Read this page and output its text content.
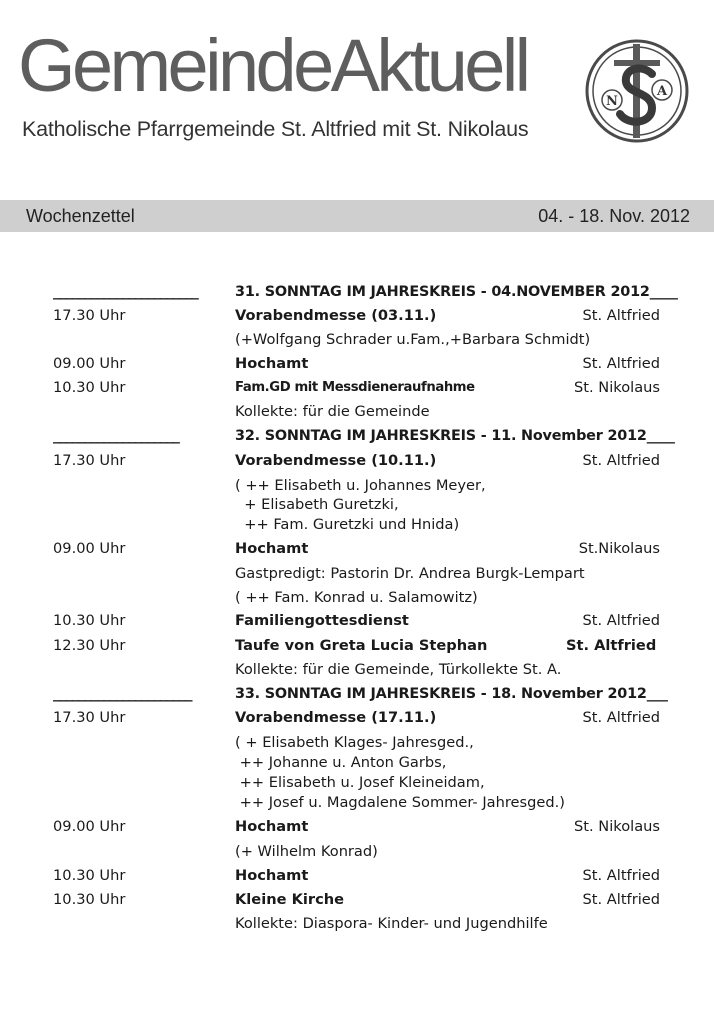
GemeindeAktuell
Katholische Pfarrgemeinde St. Altfried mit St. Nikolaus
A
N
Wochenzettel	04. - 18. Nov. 2012
_______________________	31. SONNTAG IM JAHRESKREIS - 04.NOVEMBER 2012____
17.30 Uhr	Vorabendmesse (03.11.)	St. Altfried
(+Wolfgang Schrader u.Fam.,+Barbara Schmidt)
09.00 Uhr	Hochamt	St. Altfried
10.30 Uhr	Fam.GD mit Messdieneraufnahme	St. Nikolaus
Kollekte: für die Gemeinde
____________________	32. SONNTAG IM JAHRESKREIS - 11. November 2012____
17.30 Uhr	Vorabendmesse (10.11.)	St. Altfried
( ++ Elisabeth u. Johannes Meyer,
+ Elisabeth Guretzki,
++ Fam. Guretzki und Hnida)
09.00 Uhr	Hochamt	St.Nikolaus
Gastpredigt: Pastorin Dr. Andrea Burgk-Lempart
( ++ Fam. Konrad u. Salamowitz)
10.30 Uhr	Familiengottesdienst	St. Altfried
12.30 Uhr	Taufe von Greta Lucia Stephan	St. Altfried
Kollekte: für die Gemeinde, Türkollekte St. A.
______________________	33. SONNTAG IM JAHRESKREIS - 18. November 2012___
17.30 Uhr	Vorabendmesse (17.11.)	St. Altfried
( + Elisabeth Klages- Jahresged.,
++ Johanne u. Anton Garbs,
++ Elisabeth u. Josef Kleineidam,
++ Josef u. Magdalene Sommer- Jahresged.)
09.00 Uhr	Hochamt	St. Nikolaus
(+ Wilhelm Konrad)
10.30 Uhr	Hochamt	St. Altfried
10.30 Uhr	Kleine Kirche	St. Altfried
Kollekte: Diaspora- Kinder- und Jugendhilfe
